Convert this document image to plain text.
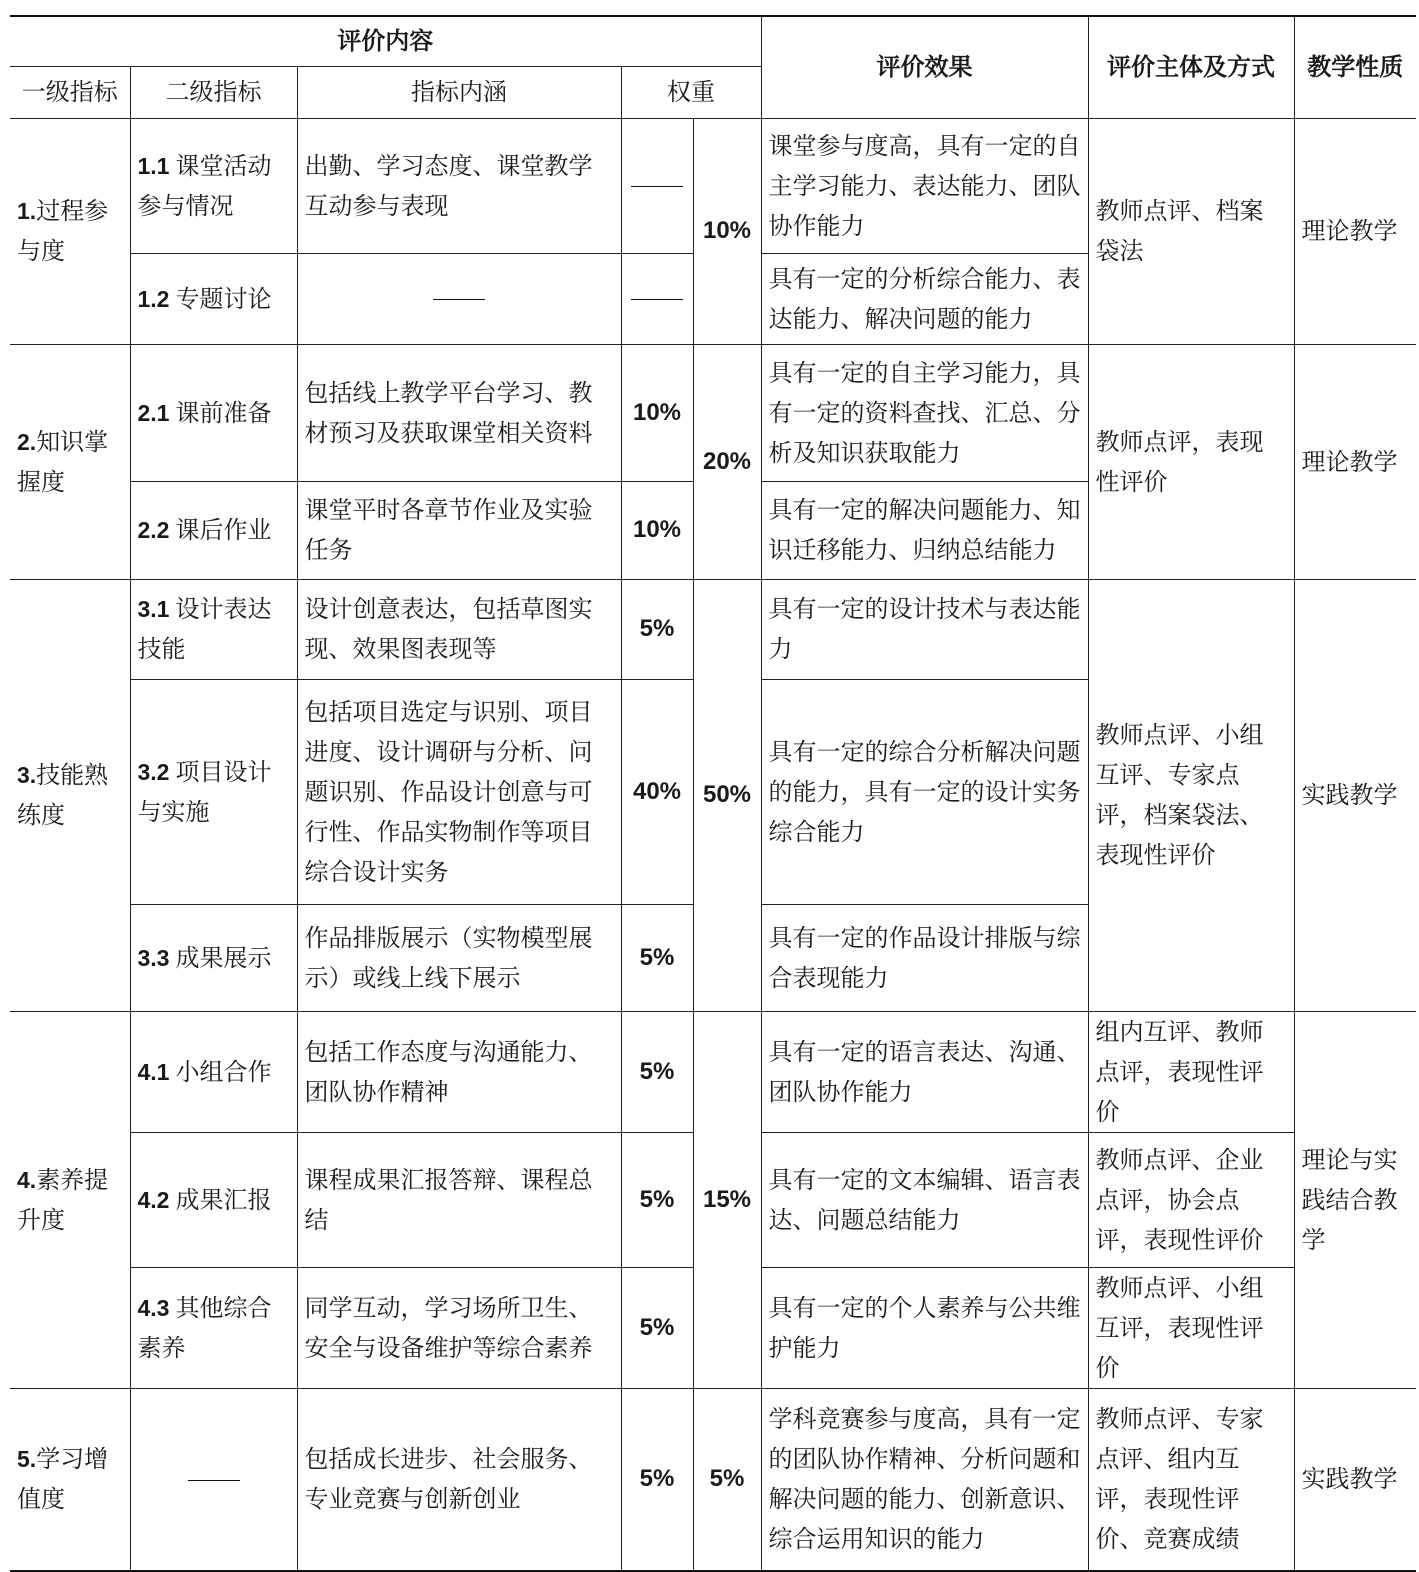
评价内容					评价效果	评价主体及方式	教学性质
一级指标	二级指标	指标内涵	权重				
1.过程参与度	1.1 课堂活动参与情况	出勤、学习态度、课堂教学互动参与表现		10%	课堂参与度高，具有一定的自主学习能力、表达能力、团队协作能力	教师点评、档案袋法	理论教学
	1.2 专题讨论				具有一定的分析综合能力、表达能力、解决问题的能力		
2.知识掌握度	2.1 课前准备	包括线上教学平台学习、教材预习及获取课堂相关资料	10%	20%	具有一定的自主学习能力，具有一定的资料查找、汇总、分析及知识获取能力	教师点评，表现性评价	理论教学
	2.2 课后作业	课堂平时各章节作业及实验任务	10%		具有一定的解决问题能力、知识迁移能力、归纳总结能力		
3.技能熟练度	3.1 设计表达技能	设计创意表达，包括草图实现、效果图表现等	5%	50%	具有一定的设计技术与表达能力	教师点评、小组互评、专家点评，档案袋法、表现性评价	实践教学
	3.2 项目设计与实施	包括项目选定与识别、项目进度、设计调研与分析、问题识别、作品设计创意与可行性、作品实物制作等项目综合设计实务	40%		具有一定的综合分析解决问题的能力，具有一定的设计实务综合能力		
	3.3 成果展示	作品排版展示（实物模型展示）或线上线下展示	5%		具有一定的作品设计排版与综合表现能力		
4.素养提升度	4.1 小组合作	包括工作态度与沟通能力、团队协作精神	5%	15%	具有一定的语言表达、沟通、团队协作能力	组内互评、教师点评，表现性评价	理论与实践结合教学
	4.2 成果汇报	课程成果汇报答辩、课程总结	5%		具有一定的文本编辑、语言表达、问题总结能力	教师点评、企业点评，协会点评，表现性评价	
	4.3 其他综合素养	同学互动，学习场所卫生、安全与设备维护等综合素养	5%		具有一定的个人素养与公共维护能力	教师点评、小组互评，表现性评价	
5.学习增值度		包括成长进步、社会服务、专业竞赛与创新创业	5%	5%	学科竞赛参与度高，具有一定的团队协作精神、分析问题和解决问题的能力、创新意识、综合运用知识的能力	教师点评、专家点评、组内互评，表现性评价、竞赛成绩	实践教学
